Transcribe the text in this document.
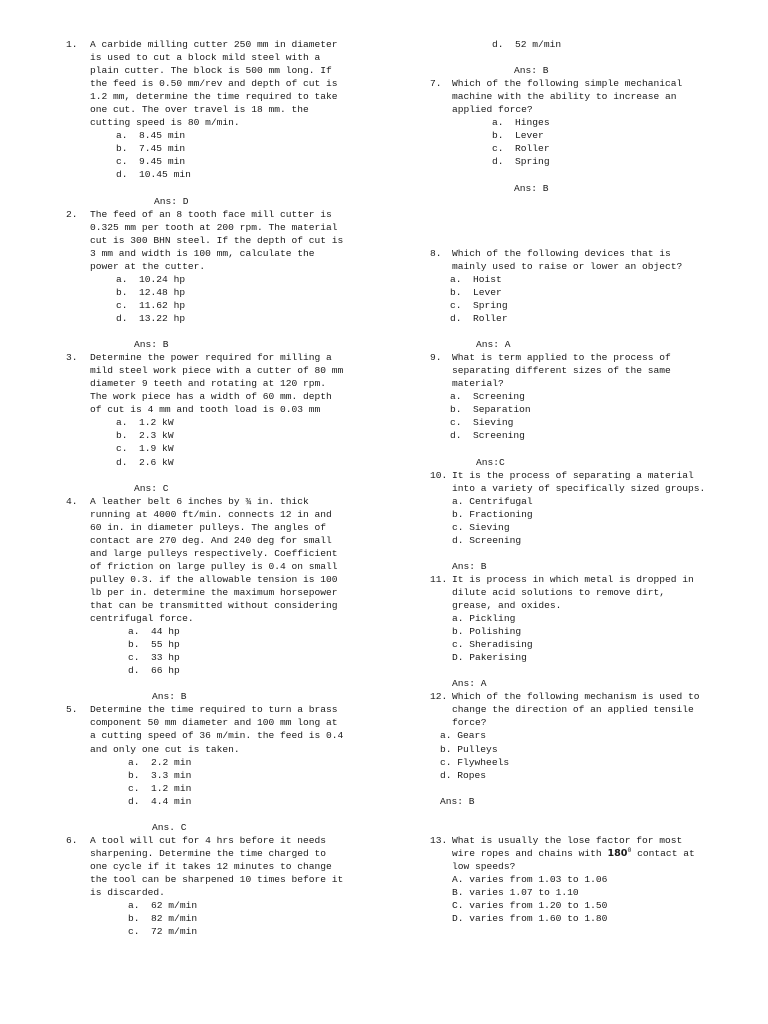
1. A carbide milling cutter 250 mm in diameter
is used to cut a block mild steel with a
plain cutter. The block is 500 mm long. If
the feed is 0.50 mm/rev and depth of cut is
1.2 mm, determine the time required to take
one cut. The over travel is 18 mm. the
cutting speed is 80 m/min.
a.  8.45 min
b.  7.45 min
c.  9.45 min
d.  10.45 min
Ans: D
2. The feed of an 8 tooth face mill cutter is
0.325 mm per tooth at 200 rpm. The material
cut is 300 BHN steel. If the depth of cut is
3 mm and width is 100 mm, calculate the
power at the cutter.
a.  10.24 hp
b.  12.48 hp
c.  11.62 hp
d.  13.22 hp
Ans: B
3. Determine the power required for milling a
mild steel work piece with a cutter of 80 mm
diameter 9 teeth and rotating at 120 rpm.
The work piece has a width of 60 mm. depth
of cut is 4 mm and tooth load is 0.03 mm
a.  1.2 kW
b.  2.3 kW
c.  1.9 kW
d.  2.6 kW
Ans: C
4. A leather belt 6 inches by ¾ in. thick
running at 4000 ft/min. connects 12 in and
60 in. in diameter pulleys. The angles of
contact are 270 deg. And 240 deg for small
and large pulleys respectively. Coefficient
of friction on large pulley is 0.4 on small
pulley 0.3. if the allowable tension is 100
lb per in. determine the maximum horsepower
that can be transmitted without considering
centrifugal force.
a.  44 hp
b.  55 hp
c.  33 hp
d.  66 hp
Ans: B
5. Determine the time required to turn a brass
component 50 mm diameter and 100 mm long at
a cutting speed of 36 m/min. the feed is 0.4
and only one cut is taken.
a.  2.2 min
b.  3.3 min
c.  1.2 min
d.  4.4 min
Ans. C
6. A tool will cut for 4 hrs before it needs
sharpening. Determine the time charged to
one cycle if it takes 12 minutes to change
the tool can be sharpened 10 times before it
is discarded.
a.  62 m/min
b.  82 m/min
c.  72 m/min
d.  52 m/min
Ans: B
7. Which of the following simple mechanical
machine with the ability to increase an
applied force?
a.  Hinges
b.  Lever
c.  Roller
d.  Spring
Ans: B
8. Which of the following devices that is
mainly used to raise or lower an object?
a.  Hoist
b.  Lever
c.  Spring
d.  Roller
Ans: A
9. What is term applied to the process of
separating different sizes of the same
material?
a.  Screening
b.  Separation
c.  Sieving
d.  Screening
Ans:C
10. It is the process of separating a material
into a variety of specifically sized groups.
a. Centrifugal
b. Fractioning
c. Sieving
d. Screening
Ans: B
11. It is process in which metal is dropped in
dilute acid solutions to remove dirt,
grease, and oxides.
a. Pickling
b. Polishing
c. Sheradising
D. Pakerising
Ans: A
12. Which of the following mechanism is used to
change the direction of an applied tensile
force?
a. Gears
b. Pulleys
c. Flywheels
d. Ropes
Ans: B
13. What is usually the lose factor for most
wire ropes and chains with $180^0$ contact at
low speeds?
A. varies from 1.03 to 1.06
B. varies 1.07 to 1.10
C. varies from 1.20 to 1.50
D. varies from 1.60 to 1.80
